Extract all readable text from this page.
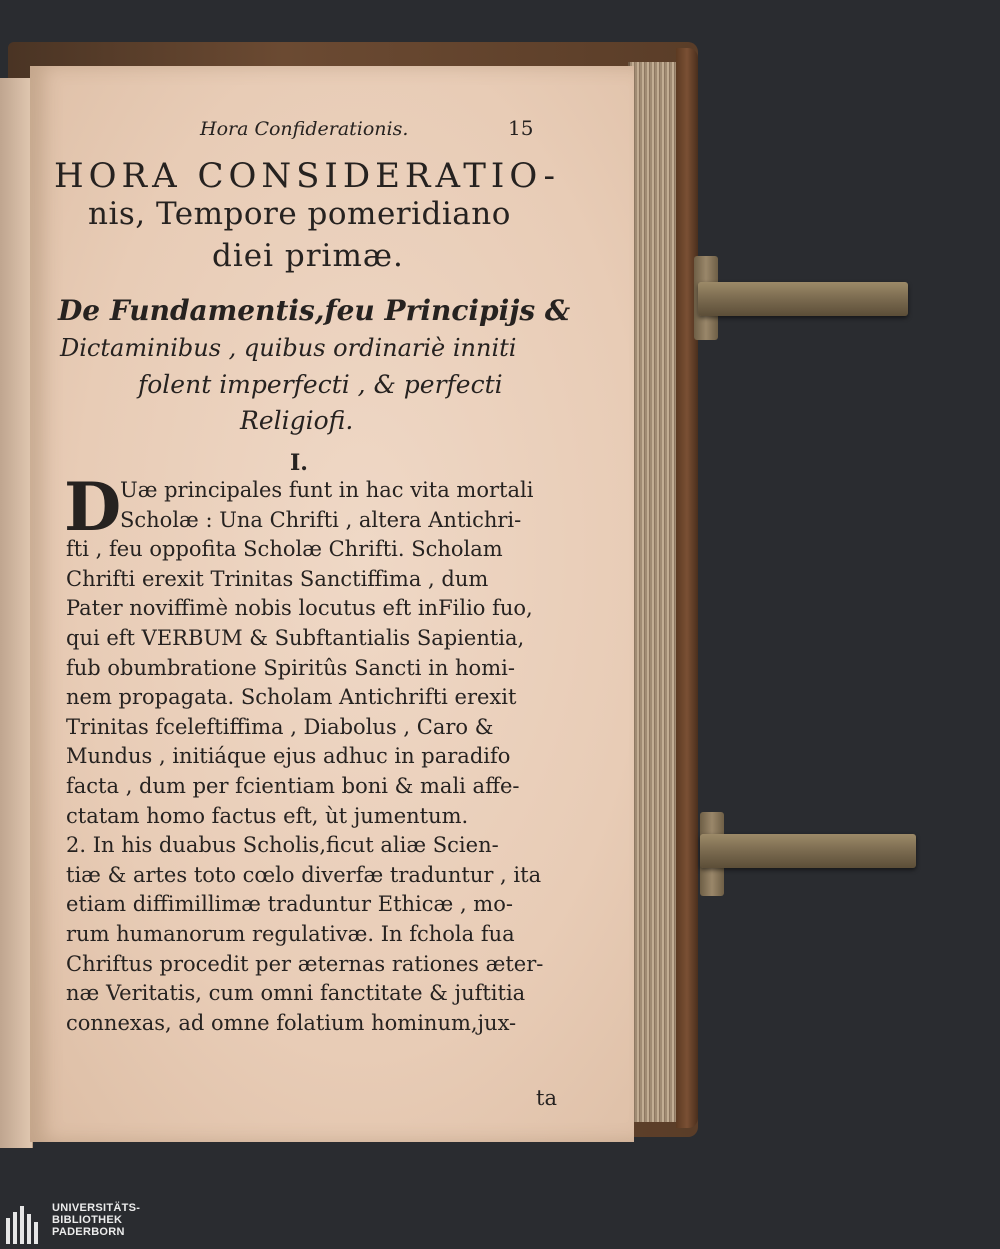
Hora Confiderationis.	15
HORA CONSIDERATIO-
nis, Tempore pomeridiano
diei primæ.
De Fundamentis,feu Principijs &
Dictaminibus , quibus ordinariè inniti
folent imperfecti , & perfecti
Religiofi.
I.
D
Uæ principales funt in hac vita mortali
Scholæ : Una Chrifti , altera Antichri-
fti , feu oppofita Scholæ Chrifti. Scholam
Chrifti erexit Trinitas Sanctiffima , dum
Pater noviffimè nobis locutus eft inFilio fuo,
qui eft VERBUM & Subftantialis Sapientia,
fub obumbratione Spiritûs Sancti in homi-
nem propagata. Scholam Antichrifti erexit
Trinitas fceleftiffima , Diabolus , Caro &
Mundus , initiáque ejus adhuc in paradifo
facta , dum per fcientiam boni & mali affe-
ctatam homo factus eft, ùt jumentum.
2. In his duabus Scholis,ficut aliæ Scien-
tiæ & artes toto cœlo diverfæ traduntur , ita
etiam diffimillimæ traduntur Ethicæ , mo-
rum humanorum regulativæ. In fchola fua
Chriftus procedit per æternas rationes æter-
næ Veritatis, cum omni fanctitate & juftitia
connexas, ad omne folatium hominum,jux-
ta
UNIVERSITÄTS-
BIBLIOTHEK
PADERBORN
